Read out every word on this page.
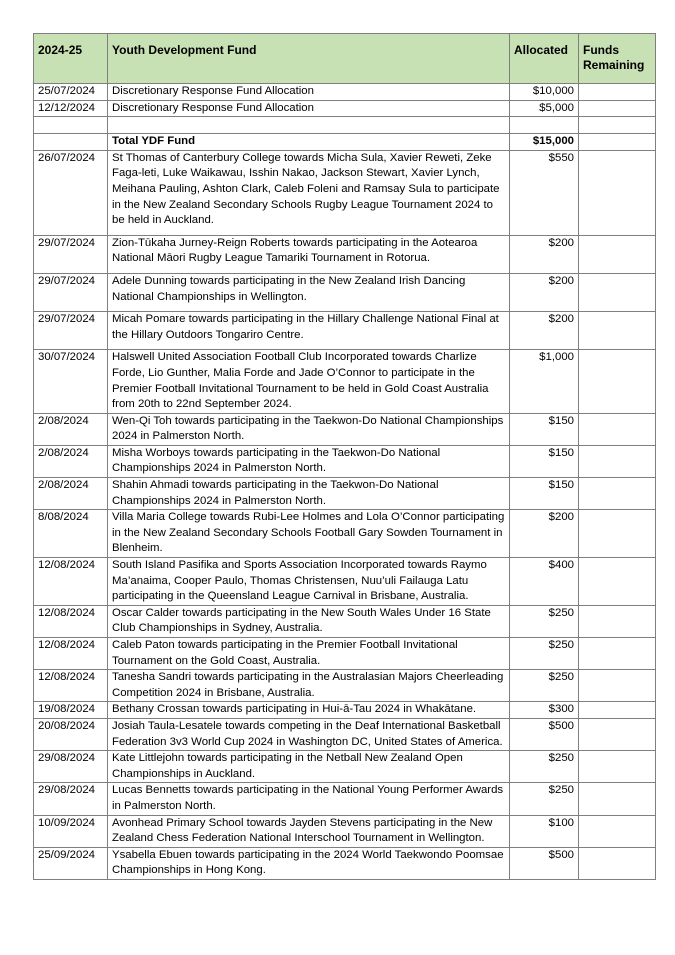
2024-25	Youth Development Fund	Allocated	Funds Remaining
25/07/2024	Discretionary Response Fund Allocation	$10,000	
12/12/2024	Discretionary Response Fund Allocation	$5,000	

	Total YDF Fund	$15,000	
26/07/2024	St Thomas of Canterbury College towards Micha Sula, Xavier Reweti, Zeke Faga-leti, Luke Waikawau, Isshin Nakao, Jackson Stewart, Xavier Lynch, Meihana Pauling, Ashton Clark, Caleb Foleni and Ramsay Sula to participate in the New Zealand Secondary Schools Rugby League Tournament 2024 to be held in Auckland.	$550	
29/07/2024	Zion-Tūkaha Jurney-Reign Roberts towards participating in the Aotearoa National Māori Rugby League Tamariki Tournament in Rotorua.	$200	
29/07/2024	Adele Dunning towards participating in the New Zealand Irish Dancing National Championships in Wellington.	$200	
29/07/2024	Micah Pomare towards participating in the Hillary Challenge National Final at the Hillary Outdoors Tongariro Centre.	$200	
30/07/2024	Halswell United Association Football Club Incorporated towards Charlize Forde, Lio Gunther, Malia Forde and Jade O’Connor to participate in the Premier Football Invitational Tournament to be held in Gold Coast Australia from 20th to 22nd September 2024.	$1,000	
2/08/2024	Wen-Qi Toh towards participating in the Taekwon-Do National Championships 2024 in Palmerston North.	$150	
2/08/2024	Misha Worboys towards participating in the Taekwon-Do National Championships 2024 in Palmerston North.	$150	
2/08/2024	Shahin Ahmadi towards participating in the Taekwon-Do National Championships 2024 in Palmerston North.	$150	
8/08/2024	Villa Maria College towards Rubi-Lee Holmes and Lola O’Connor participating in the New Zealand Secondary Schools Football Gary Sowden Tournament in Blenheim.	$200	
12/08/2024	South Island Pasifika and Sports Association Incorporated towards Raymo Ma’anaima, Cooper Paulo, Thomas Christensen, Nuu’uli Failauga Latu participating in the Queensland League Carnival in Brisbane, Australia.	$400	
12/08/2024	Oscar Calder towards participating in the New South Wales Under 16 State Club Championships in Sydney, Australia.	$250	
12/08/2024	Caleb Paton towards participating in the Premier Football Invitational Tournament on the Gold Coast, Australia.	$250	
12/08/2024	Tanesha Sandri towards participating in the Australasian Majors Cheerleading Competition 2024 in Brisbane, Australia.	$250	
19/08/2024	Bethany Crossan towards participating in Hui-ā-Tau 2024 in Whakātane.	$300	
20/08/2024	Josiah Taula-Lesatele towards competing in the Deaf International Basketball Federation 3v3 World Cup 2024 in Washington DC, United States of America.	$500	
29/08/2024	Kate Littlejohn towards participating in the Netball New Zealand Open Championships in Auckland.	$250	
29/08/2024	Lucas Bennetts towards participating in the National Young Performer Awards in Palmerston North.	$250	
10/09/2024	Avonhead Primary School towards Jayden Stevens participating in the New Zealand Chess Federation National Interschool Tournament in Wellington.	$100	
25/09/2024	Ysabella Ebuen towards participating in the 2024 World Taekwondo Poomsae Championships in Hong Kong.	$500	
